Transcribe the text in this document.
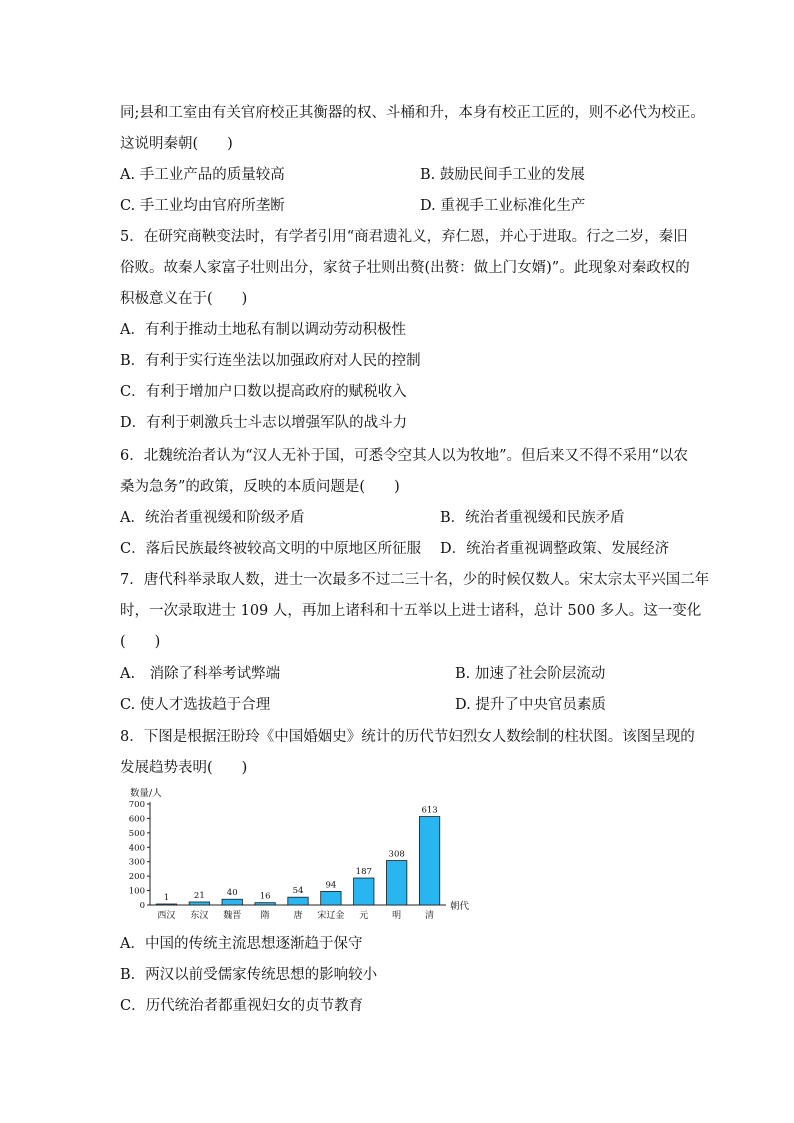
同;县和工室由有关官府校正其衡器的权、斗桶和升，本身有校正工匠的，则不必代为校正。
这说明秦朝(　　)
A. 手工业产品的质量较高	B. 鼓励民间手工业的发展
C. 手工业均由官府所垄断	D. 重视手工业标准化生产
5．在研究商鞅变法时，有学者引用“商君遗礼义，弃仁恩，并心于进取。行之二岁，秦旧
俗败。故秦人家富子壮则出分，家贫子壮则出赘(出赘：做上门女婿)”。此现象对秦政权的
积极意义在于(　　)
A．有利于推动土地私有制以调动劳动积极性
B．有利于实行连坐法以加强政府对人民的控制
C．有利于增加户口数以提高政府的赋税收入
D．有利于刺激兵士斗志以增强军队的战斗力
6．北魏统治者认为“汉人无补于国，可悉令空其人以为牧地”。但后来又不得不采用“以农
桑为急务”的政策，反映的本质问题是(　　)
A．统治者重视缓和阶级矛盾	B．统治者重视缓和民族矛盾
C．落后民族最终被较高文明的中原地区所征服 D．统治者重视调整政策、发展经济
7．唐代科举录取人数，进士一次最多不过二三十名，少的时候仅数人。宋太宗太平兴国二年
时，一次录取进士 109 人，再加上诸科和十五举以上进士诸科，总计 500 多人。这一变化
(　　)
A.　消除了科举考试弊端	B. 加速了社会阶层流动
C. 使人才选拔趋于合理	D. 提升了中央官员素质
8．下图是根据汪盼玲《中国婚姻史》统计的历代节妇烈女人数绘制的柱状图。该图呈现的
发展趋势表明(　　)
数量/人
朝代
0
100
200
300
400
500
600
700
1
西汉
21
东汉
40
魏晋
16
隋
54
唐
94
宋辽金
187
元
308
明
613
清
A．中国的传统主流思想逐渐趋于保守
B．两汉以前受儒家传统思想的影响较小
C．历代统治者都重视妇女的贞节教育
